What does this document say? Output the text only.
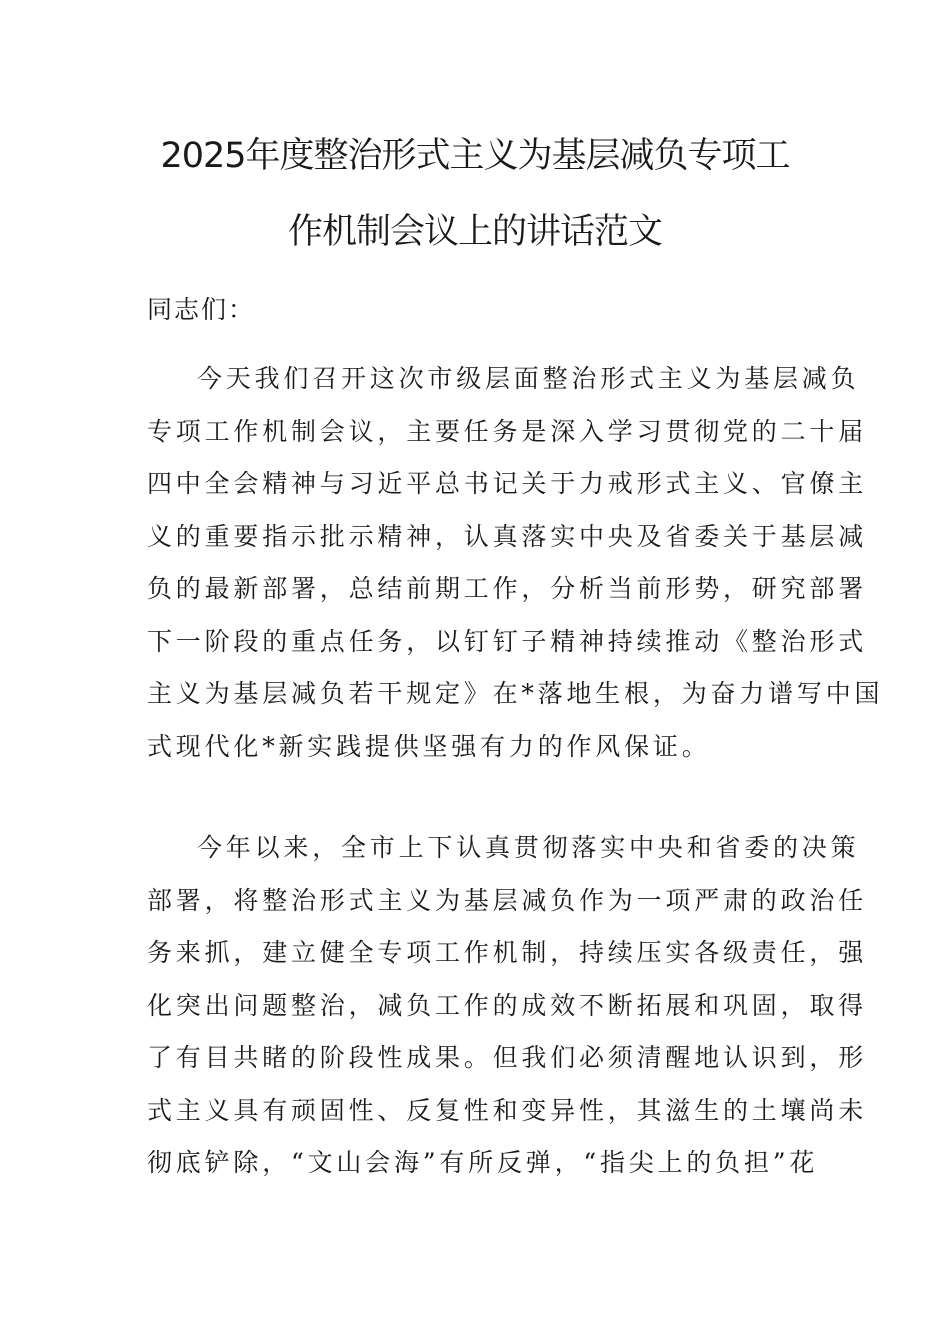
2025年度整治形式主义为基层减负专项工
作机制会议上的讲话范文
同志们：
今天我们召开这次市级层面整治形式主义为基层减负
专项工作机制会议，主要任务是深入学习贯彻党的二十届
四中全会精神与习近平总书记关于力戒形式主义、官僚主
义的重要指示批示精神，认真落实中央及省委关于基层减
负的最新部署，总结前期工作，分析当前形势，研究部署
下一阶段的重点任务，以钉钉子精神持续推动《整治形式
主义为基层减负若干规定》在*落地生根，为奋力谱写中国
式现代化*新实践提供坚强有力的作风保证。
今年以来，全市上下认真贯彻落实中央和省委的决策
部署，将整治形式主义为基层减负作为一项严肃的政治任
务来抓，建立健全专项工作机制，持续压实各级责任，强
化突出问题整治，减负工作的成效不断拓展和巩固，取得
了有目共睹的阶段性成果。但我们必须清醒地认识到，形
式主义具有顽固性、反复性和变异性，其滋生的土壤尚未
彻底铲除，“文山会海”有所反弹，“指尖上的负担”花
